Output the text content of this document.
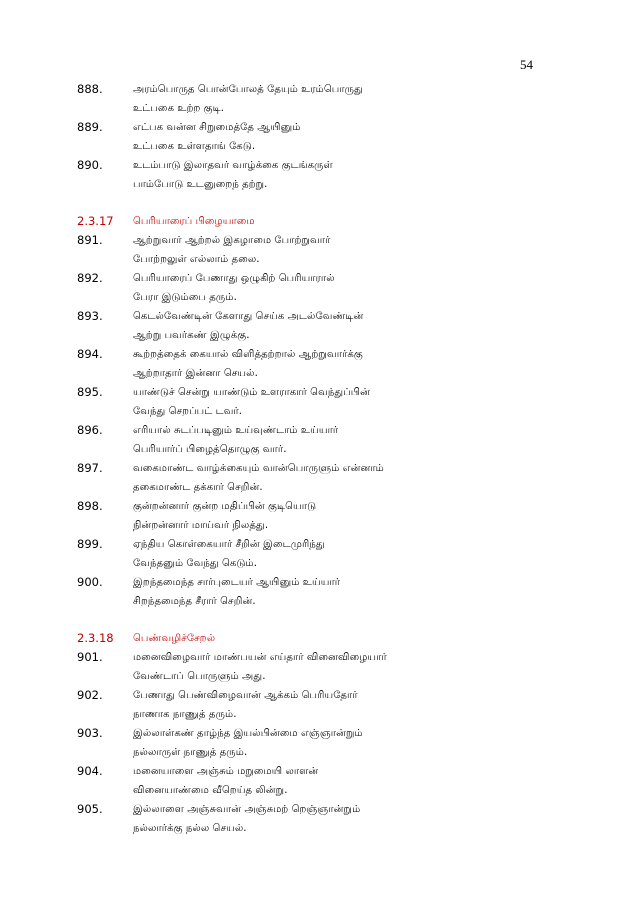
54
888.	அரம்பொருத பொன்போலத் தேயும் உரம்பொருது
உட்பகை உற்ற குடி.
889.	எட்பக வன்ன சிறுமைத்தே ஆயினும்
உட்பகை உள்ளதாங் கேடு.
890.	உடம்பாடு இலாதவர் வாழ்க்கை குடங்கருள்
பாம்போடு உடனுறைந் தற்று.
2.3.17 பெரியாரைப் பிழையாமை
891.	ஆற்றுவார் ஆற்றல் இகழாமை போற்றுவார்
போற்றலுள் எல்லாம் தலை.
892.	பெரியாரைப் பேணாது ஒழுகிற் பெரியாரால்
பேரா இடும்பை தரும்.
893.	கெடல்வேண்டின் கேளாது செய்க அடல்வேண்டின்
ஆற்று பவர்கண் இழுக்கு.
894.	கூற்றத்தைக் கையால் விளித்தற்றால் ஆற்றுவார்க்கு
ஆற்றாதார் இன்னா செயல்.
895.	யாண்டுச் சென்று யாண்டும் உளராகார் வெந்துப்பின்
வேந்து செறப்பட் டவர்.
896.	எரியால் சுடப்படினும் உய்வுண்டாம் உய்யார்
பெரியார்ப் பிழைத்தொழுகு வார்.
897.	வகைமாண்ட வாழ்க்கையும் வான்பொருளும் என்னாம்
தகைமாண்ட தக்கார் செறின்.
898.	குன்றன்னார் குன்ற மதிப்பின் குடியொடு
நின்றன்னார் மாய்வர் நிலத்து.
899.	ஏந்திய கொள்கையார் சீறின் இடைமுரிந்து
வேந்தனும் வேந்து கெடும்.
900.	இறந்தமைந்த சார்புடையர் ஆயினும் உய்யார்
சிறந்தமைந்த சீரார் செறின்.
2.3.18 பெண்வழிச்சேறல்
901.	மனைவிழைவார் மாண்பயன் எய்தார் வினைவிழையார்
வேண்டாப் பொருளும் அது.
902.	பேணாது பெண்விழைவான் ஆக்கம் பெரியதோர்
நாணாக நாணுத் தரும்.
903.	இல்லாள்கண் தாழ்ந்த இயல்பின்மை எஞ்ஞான்றும்
நல்லாருள் நாணுத் தரும்.
904.	மனையாளை அஞ்சும் மறுமையி லாளன்
வினையாண்மை வீறெய்த லின்று.
905.	இல்லாளை அஞ்சுவான் அஞ்சுமற் றெஞ்ஞான்றும்
நல்லார்க்கு நல்ல செயல்.
